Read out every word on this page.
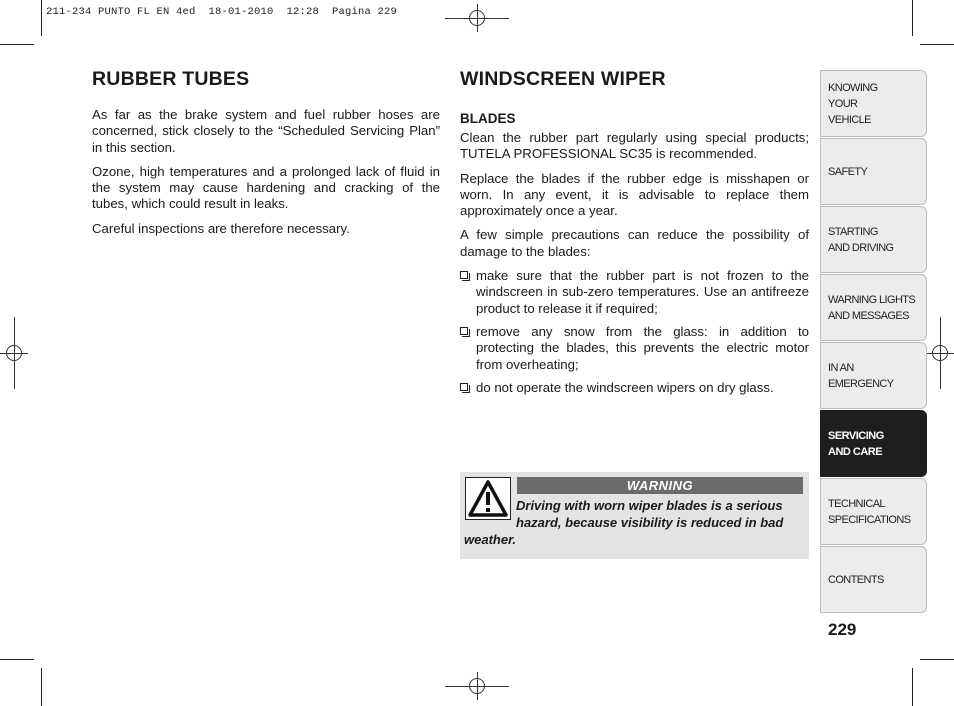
211-234 PUNTO FL EN 4ed  18-01-2010  12:28  Pagina 229
RUBBER TUBES

As far as the brake system and fuel rubber hoses are concerned, stick closely to the “Scheduled Servicing Plan” in this section.

Ozone, high temperatures and a prolonged lack of fluid in the system may cause hardening and cracking of the tubes, which could result in leaks.

Careful inspections are therefore necessary.

WINDSCREEN WIPER
BLADES

Clean the rubber part regularly using special products; TUTELA PROFESSIONAL SC35 is recommended.

Replace the blades if the rubber edge is misshapen or worn. In any event, it is advisable to replace them approximately once a year.

A few simple precautions can reduce the possibility of damage to the blades:

make sure that the rubber part is not frozen to the windscreen in sub-zero temperatures. Use an antifreeze product to release it if required;
remove any snow from the glass: in addition to protecting the blades, this prevents the electric motor from overheating;
do not operate the windscreen wipers on dry glass.
WARNING
Driving with worn wiper blades is a serious hazard, because visibility is reduced in bad weather.
KNOWING
YOUR
VEHICLE
SAFETY
STARTING
AND DRIVING
WARNING LIGHTS
AND MESSAGES
IN AN
EMERGENCY
SERVICING
AND CARE
TECHNICAL
SPECIFICATIONS
CONTENTS
229
